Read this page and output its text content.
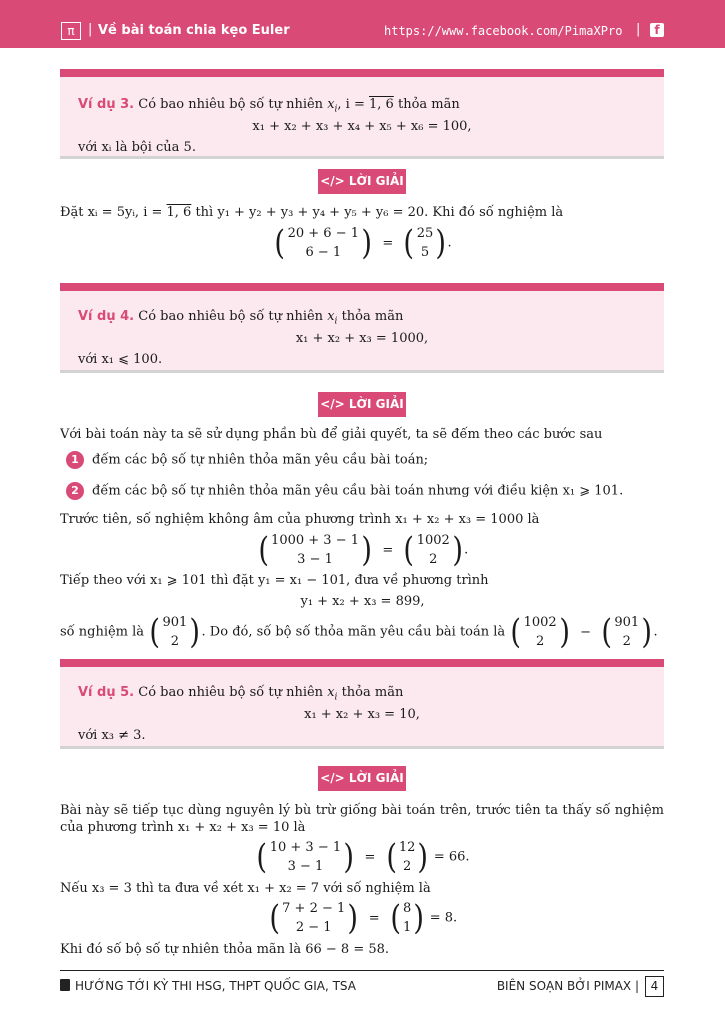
π	| Về bài toán chia kẹo Euler	https://www.facebook.com/PimaXPro |	f
Ví dụ 3. Có bao nhiêu bộ số tự nhiên $x_i$, i = 1, 6 thỏa mãn
x₁ + x₂ + x₃ + x₄ + x₅ + x₆ = 100,
với xᵢ là bội của 5.
</> LỜI GIẢI
Đặt xᵢ = 5yᵢ, i = 1, 6 thì y₁ + y₂ + y₃ + y₄ + y₅ + y₆ = 20. Khi đó số nghiệm là
( 20 + 6 − 1
6 − 1 ) = ( 25
5 ) .
Ví dụ 4. Có bao nhiêu bộ số tự nhiên $x_i$ thỏa mãn
x₁ + x₂ + x₃ = 1000,
với x₁ ⩽ 100.
</> LỜI GIẢI
Với bài toán này ta sẽ sử dụng phần bù để giải quyết, ta sẽ đếm theo các bước sau
1 đếm các bộ số tự nhiên thỏa mãn yêu cầu bài toán;
2 đếm các bộ số tự nhiên thỏa mãn yêu cầu bài toán nhưng với điều kiện x₁ ⩾ 101.
Trước tiên, số nghiệm không âm của phương trình x₁ + x₂ + x₃ = 1000 là
( 1000 + 3 − 1
3 − 1 ) = ( 1002
2 ) .
Tiếp theo với x₁ ⩾ 101 thì đặt y₁ = x₁ − 101, đưa về phương trình
y₁ + x₂ + x₃ = 899,
số nghiệm là ( 901
2 ) . Do đó, số bộ số thỏa mãn yêu cầu bài toán là ( 1002
2 ) − ( 901
2 ) .
Ví dụ 5. Có bao nhiêu bộ số tự nhiên $x_i$ thỏa mãn
x₁ + x₂ + x₃ = 10,
với x₃ ≠ 3.
</> LỜI GIẢI
Bài này sẽ tiếp tục dùng nguyên lý bù trừ giống bài toán trên, trước tiên ta thấy số nghiệm của phương trình x₁ + x₂ + x₃ = 10 là
( 10 + 3 − 1
3 − 1 ) = ( 12
2 ) = 66.
Nếu x₃ = 3 thì ta đưa về xét x₁ + x₂ = 7 với số nghiệm là
( 7 + 2 − 1
2 − 1 ) = ( 8
1 ) = 8.
Khi đó số bộ số tự nhiên thỏa mãn là 66 − 8 = 58.
HƯỚNG TỚI KỲ THI HSG, THPT QUỐC GIA, TSA	BIÊN SOẠN BỞI PIMAX | 4
